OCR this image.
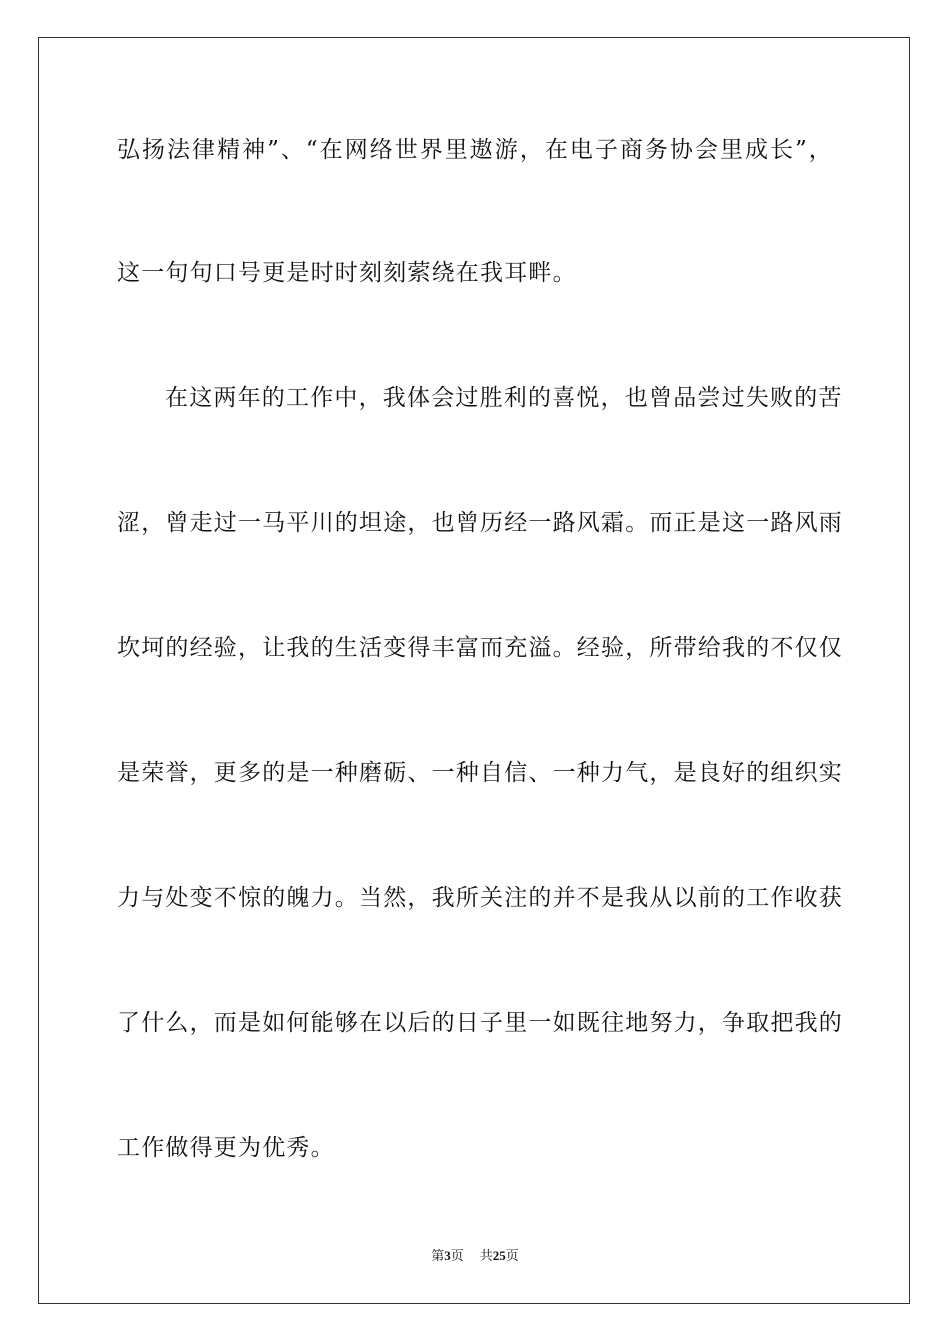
弘扬法律精神”、“在网络世界里遨游，在电子商务协会里成长”，
这一句句口号更是时时刻刻萦绕在我耳畔。
在这两年的工作中，我体会过胜利的喜悦，也曾品尝过失败的苦
涩，曾走过一马平川的坦途，也曾历经一路风霜。而正是这一路风雨
坎坷的经验，让我的生活变得丰富而充溢。经验，所带给我的不仅仅
是荣誉，更多的是一种磨砺、一种自信、一种力气，是良好的组织实
力与处变不惊的魄力。当然，我所关注的并不是我从以前的工作收获
了什么，而是如何能够在以后的日子里一如既往地努力，争取把我的
工作做得更为优秀。
第3页 共25页
